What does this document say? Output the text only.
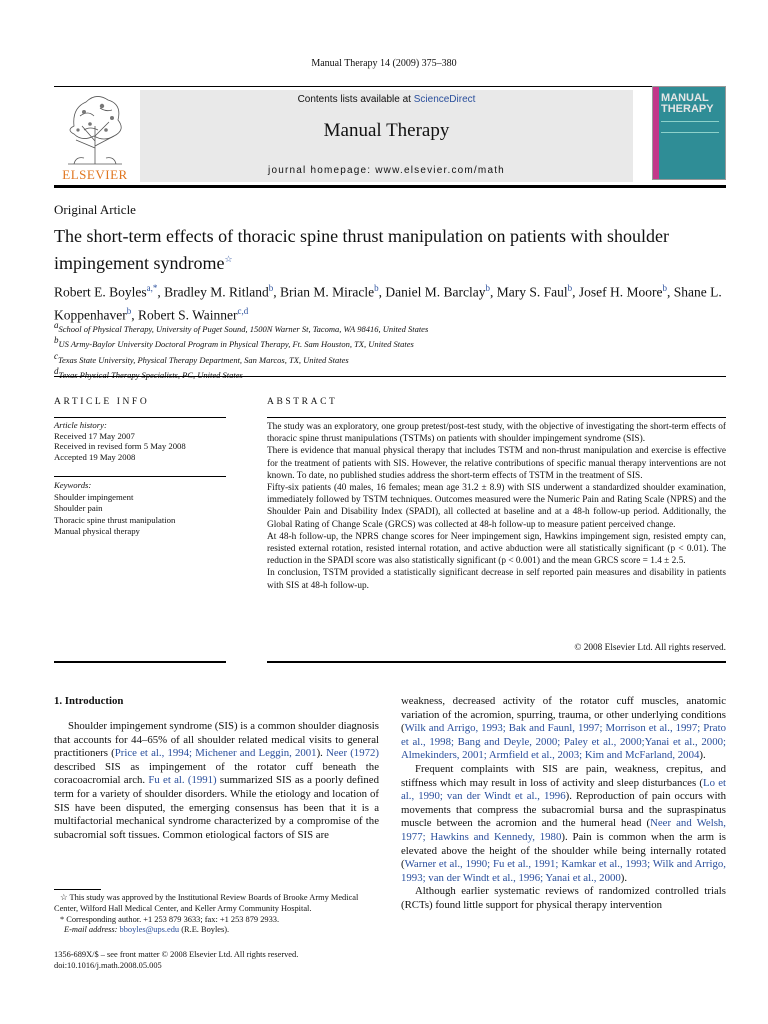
Manual Therapy 14 (2009) 375–380
ELSEVIER
Contents lists available at ScienceDirect
Manual Therapy
journal homepage: www.elsevier.com/math
MANUAL THERAPY
Original Article
The short-term effects of thoracic spine thrust manipulation on patients with shoulder impingement syndrome☆
Robert E. Boyles$^{a,*}$, Bradley M. Ritland$^b$, Brian M. Miracle$^b$, Daniel M. Barclay$^b$, Mary S. Faul$^b$, Josef H. Moore$^b$, Shane L. Koppenhaver$^b$, Robert S. Wainner$^{c,d}$
$^a$School of Physical Therapy, University of Puget Sound, 1500N Warner St, Tacoma, WA 98416, United States
$^b$US Army-Baylor University Doctoral Program in Physical Therapy, Ft. Sam Houston, TX, United States
$^c$Texas State University, Physical Therapy Department, San Marcos, TX, United States
$^d$Texas Physical Therapy Specialists, PC, United States
ARTICLE INFO
Article history:
Received 17 May 2007
Received in revised form 5 May 2008
Accepted 19 May 2008
Keywords:
Shoulder impingement
Shoulder pain
Thoracic spine thrust manipulation
Manual physical therapy
ABSTRACT

The study was an exploratory, one group pretest/post-test study, with the objective of investigating the short-term effects of thoracic spine thrust manipulations (TSTMs) on patients with shoulder impingement syndrome (SIS).

There is evidence that manual physical therapy that includes TSTM and non-thrust manipulation and exercise is effective for the treatment of patients with SIS. However, the relative contributions of specific manual therapy interventions are not known. To date, no published studies address the short-term effects of TSTM in the treatment of SIS.

Fifty-six patients (40 males, 16 females; mean age 31.2 ± 8.9) with SIS underwent a standardized shoulder examination, immediately followed by TSTM techniques. Outcomes measured were the Numeric Pain and Rating Scale (NPRS) and the Shoulder Pain and Disability Index (SPADI), all collected at baseline and at a 48-h follow-up period. Additionally, the Global Rating of Change Scale (GRCS) was collected at 48-h follow-up to measure patient perceived change.

At 48-h follow-up, the NPRS change scores for Neer impingement sign, Hawkins impingement sign, resisted empty can, resisted external rotation, resisted internal rotation, and active abduction were all statistically significant (p < 0.01). The reduction in the SPADI score was also statistically significant (p < 0.001) and the mean GRCS score = 1.4 ± 2.5.

In conclusion, TSTM provided a statistically significant decrease in self reported pain measures and disability in patients with SIS at 48-h follow-up.

© 2008 Elsevier Ltd. All rights reserved.
1. Introduction

Shoulder impingement syndrome (SIS) is a common shoulder diagnosis that accounts for 44–65% of all shoulder related medical visits to general practitioners (Price et al., 1994; Michener and Leggin, 2001). Neer (1972) described SIS as impingement of the rotator cuff beneath the coracoacromial arch. Fu et al. (1991) summarized SIS as a poorly defined term for a variety of shoulder disorders. While the etiology and location of SIS have been disputed, the emerging consensus has been that it is a multifactorial mechanical syndrome characterized by a compromise of the subacromial soft tissues. Common etiological factors of SIS are

weakness, decreased activity of the rotator cuff muscles, anatomic variation of the acromion, spurring, trauma, or other underlying conditions (Wilk and Arrigo, 1993; Bak and Faunl, 1997; Morrison et al., 1997; Prato et al., 1998; Bang and Deyle, 2000; Paley et al., 2000;Yanai et al., 2000; Almekinders, 2001; Armfield et al., 2003; Kim and McFarland, 2004).

Frequent complaints with SIS are pain, weakness, crepitus, and stiffness which may result in loss of activity and sleep disturbances (Lo et al., 1990; van der Windt et al., 1996). Reproduction of pain occurs with movements that compress the subacromial bursa and the supraspinatus muscle between the acromion and the humeral head (Neer and Welsh, 1977; Hawkins and Kennedy, 1980). Pain is common when the arm is elevated above the height of the shoulder while being internally rotated (Warner et al., 1990; Fu et al., 1991; Kamkar et al., 1993; Wilk and Arrigo, 1993; van der Windt et al., 1996; Yanai et al., 2000).

Although earlier systematic reviews of randomized controlled trials (RCTs) found little support for physical therapy intervention

☆ This study was approved by the Institutional Review Boards of Brooke Army Medical Center, Wilford Hall Medical Center, and Keller Army Community Hospital.
* Corresponding author. +1 253 879 3633; fax: +1 253 879 2933.
E-mail address: bboyles@ups.edu (R.E. Boyles).
1356-689X/$ – see front matter © 2008 Elsevier Ltd. All rights reserved.
doi:10.1016/j.math.2008.05.005
